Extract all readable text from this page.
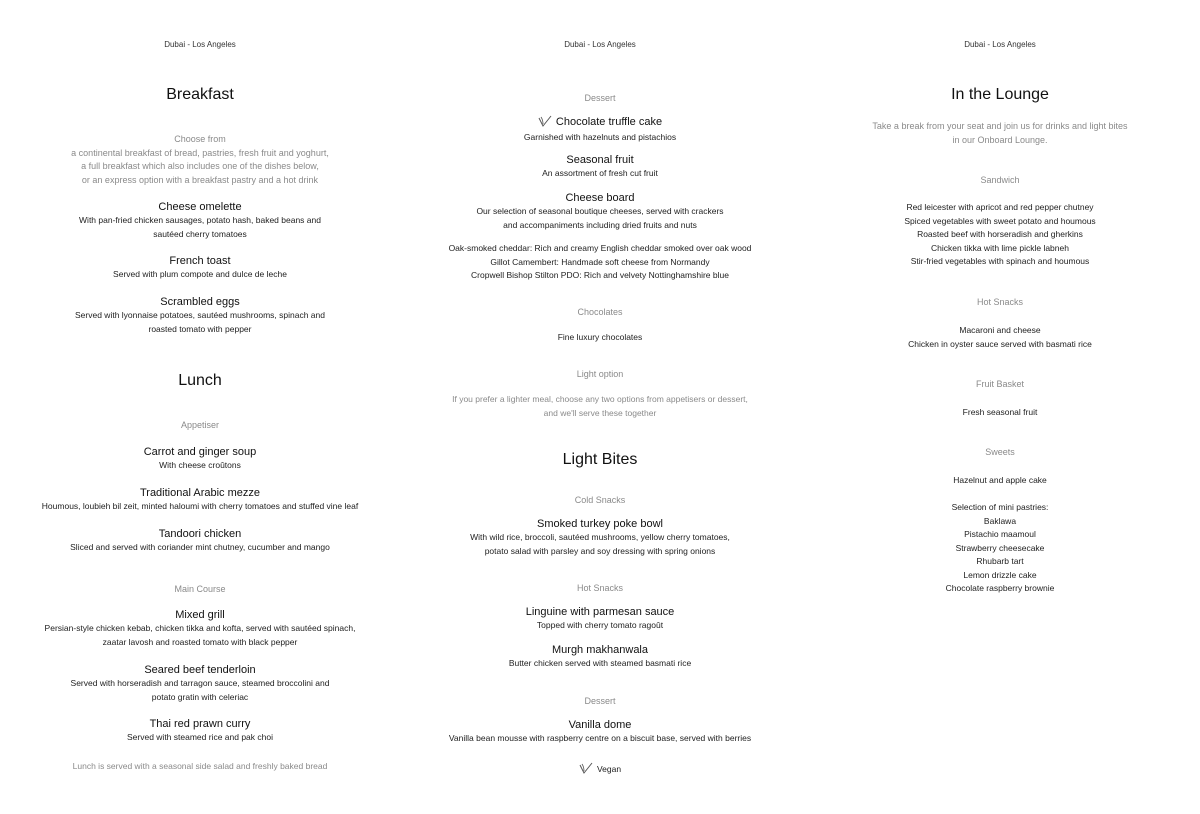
Dubai - Los Angeles
Breakfast
Choose from
a continental breakfast of bread, pastries, fresh fruit and yoghurt,
a full breakfast which also includes one of the dishes below,
or an express option with a breakfast pastry and a hot drink
Cheese omelette
With pan-fried chicken sausages, potato hash, baked beans and
sautéed cherry tomatoes
French toast
Served with plum compote and dulce de leche
Scrambled eggs
Served with lyonnaise potatoes, sautéed mushrooms, spinach and
roasted tomato with pepper
Lunch
Appetiser
Carrot and ginger soup
With cheese croûtons
Traditional Arabic mezze
Houmous, loubieh bil zeit, minted haloumi with cherry tomatoes and stuffed vine leaf
Tandoori chicken
Sliced and served with coriander mint chutney, cucumber and mango
Main Course
Mixed grill
Persian-style chicken kebab, chicken tikka and kofta, served with sautéed spinach,
zaatar lavosh and roasted tomato with black pepper
Seared beef tenderloin
Served with horseradish and tarragon sauce, steamed broccolini and
potato gratin with celeriac
Thai red prawn curry
Served with steamed rice and pak choi
Lunch is served with a seasonal side salad and freshly baked bread
Dubai - Los Angeles
Dessert
Chocolate truffle cake
Garnished with hazelnuts and pistachios
Seasonal fruit
An assortment of fresh cut fruit
Cheese board
Our selection of seasonal boutique cheeses, served with crackers
and accompaniments including dried fruits and nuts
Oak-smoked cheddar: Rich and creamy English cheddar smoked over oak wood
Gillot Camembert: Handmade soft cheese from Normandy
Cropwell Bishop Stilton PDO: Rich and velvety Nottinghamshire blue
Chocolates
Fine luxury chocolates
Light option
If you prefer a lighter meal, choose any two options from appetisers or dessert,
and we'll serve these together
Light Bites
Cold Snacks
Smoked turkey poke bowl
With wild rice, broccoli, sautéed mushrooms, yellow cherry tomatoes,
potato salad with parsley and soy dressing with spring onions
Hot Snacks
Linguine with parmesan sauce
Topped with cherry tomato ragoût
Murgh makhanwala
Butter chicken served with steamed basmati rice
Dessert
Vanilla dome
Vanilla bean mousse with raspberry centre on a biscuit base, served with berries
Vegan
Dubai - Los Angeles
In the Lounge
Take a break from your seat and join us for drinks and light bites
in our Onboard Lounge.
Sandwich
Red leicester with apricot and red pepper chutney
Spiced vegetables with sweet potato and houmous
Roasted beef with horseradish and gherkins
Chicken tikka with lime pickle labneh
Stir-fried vegetables with spinach and houmous
Hot Snacks
Macaroni and cheese
Chicken in oyster sauce served with basmati rice
Fruit Basket
Fresh seasonal fruit
Sweets
Hazelnut and apple cake
Selection of mini pastries:
Baklawa
Pistachio maamoul
Strawberry cheesecake
Rhubarb tart
Lemon drizzle cake
Chocolate raspberry brownie
